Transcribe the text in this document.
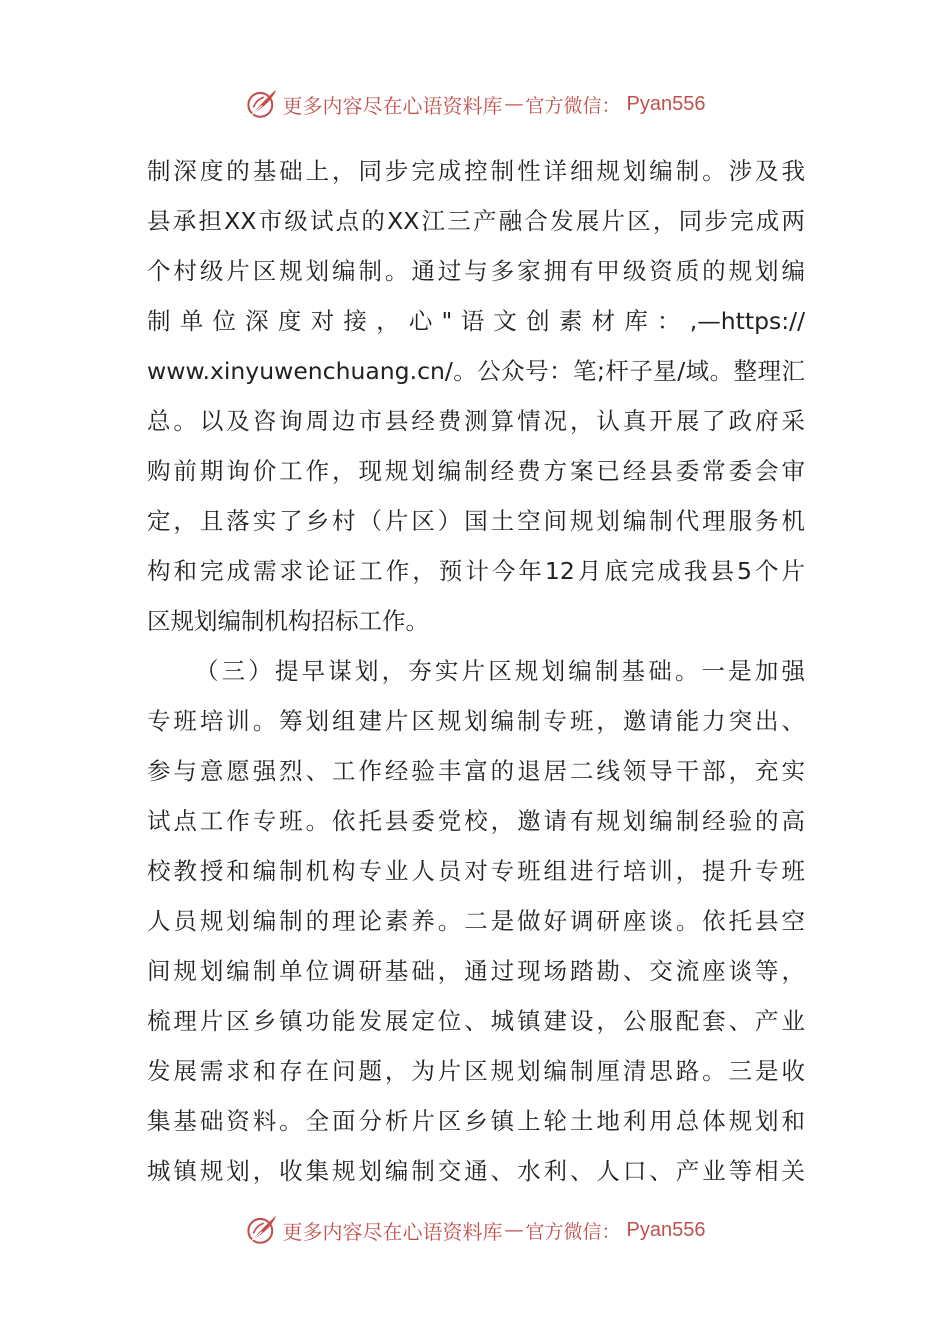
更多内容尽在心语资料库 — 官方微信： Pyan556
制深度的基础上，同步完成控制性详细规划编制。涉及我
县承担XX市级试点的XX江三产融合发展片区，同步完成两
个村级片区规划编制。通过与多家拥有甲级资质的规划编
制 单 位 深 度 对 接 ， 心 " 语 文 创 素 材 库 ： ,—https://
www.xinyuwenchuang.cn/。公众号：笔;杆子星/域。整理汇
总。以及咨询周边市县经费测算情况，认真开展了政府采
购前期询价工作，现规划编制经费方案已经县委常委会审
定，且落实了乡村（片区）国土空间规划编制代理服务机
构和完成需求论证工作，预计今年12月底完成我县5个片
区规划编制机构招标工作。
（三）提早谋划，夯实片区规划编制基础。一是加强
专班培训。筹划组建片区规划编制专班，邀请能力突出、
参与意愿强烈、工作经验丰富的退居二线领导干部，充实
试点工作专班。依托县委党校，邀请有规划编制经验的高
校教授和编制机构专业人员对专班组进行培训，提升专班
人员规划编制的理论素养。二是做好调研座谈。依托县空
间规划编制单位调研基础，通过现场踏勘、交流座谈等，
梳理片区乡镇功能发展定位、城镇建设，公服配套、产业
发展需求和存在问题，为片区规划编制厘清思路。三是收
集基础资料。全面分析片区乡镇上轮土地利用总体规划和
城镇规划，收集规划编制交通、水利、人口、产业等相关
更多内容尽在心语资料库 — 官方微信： Pyan556
